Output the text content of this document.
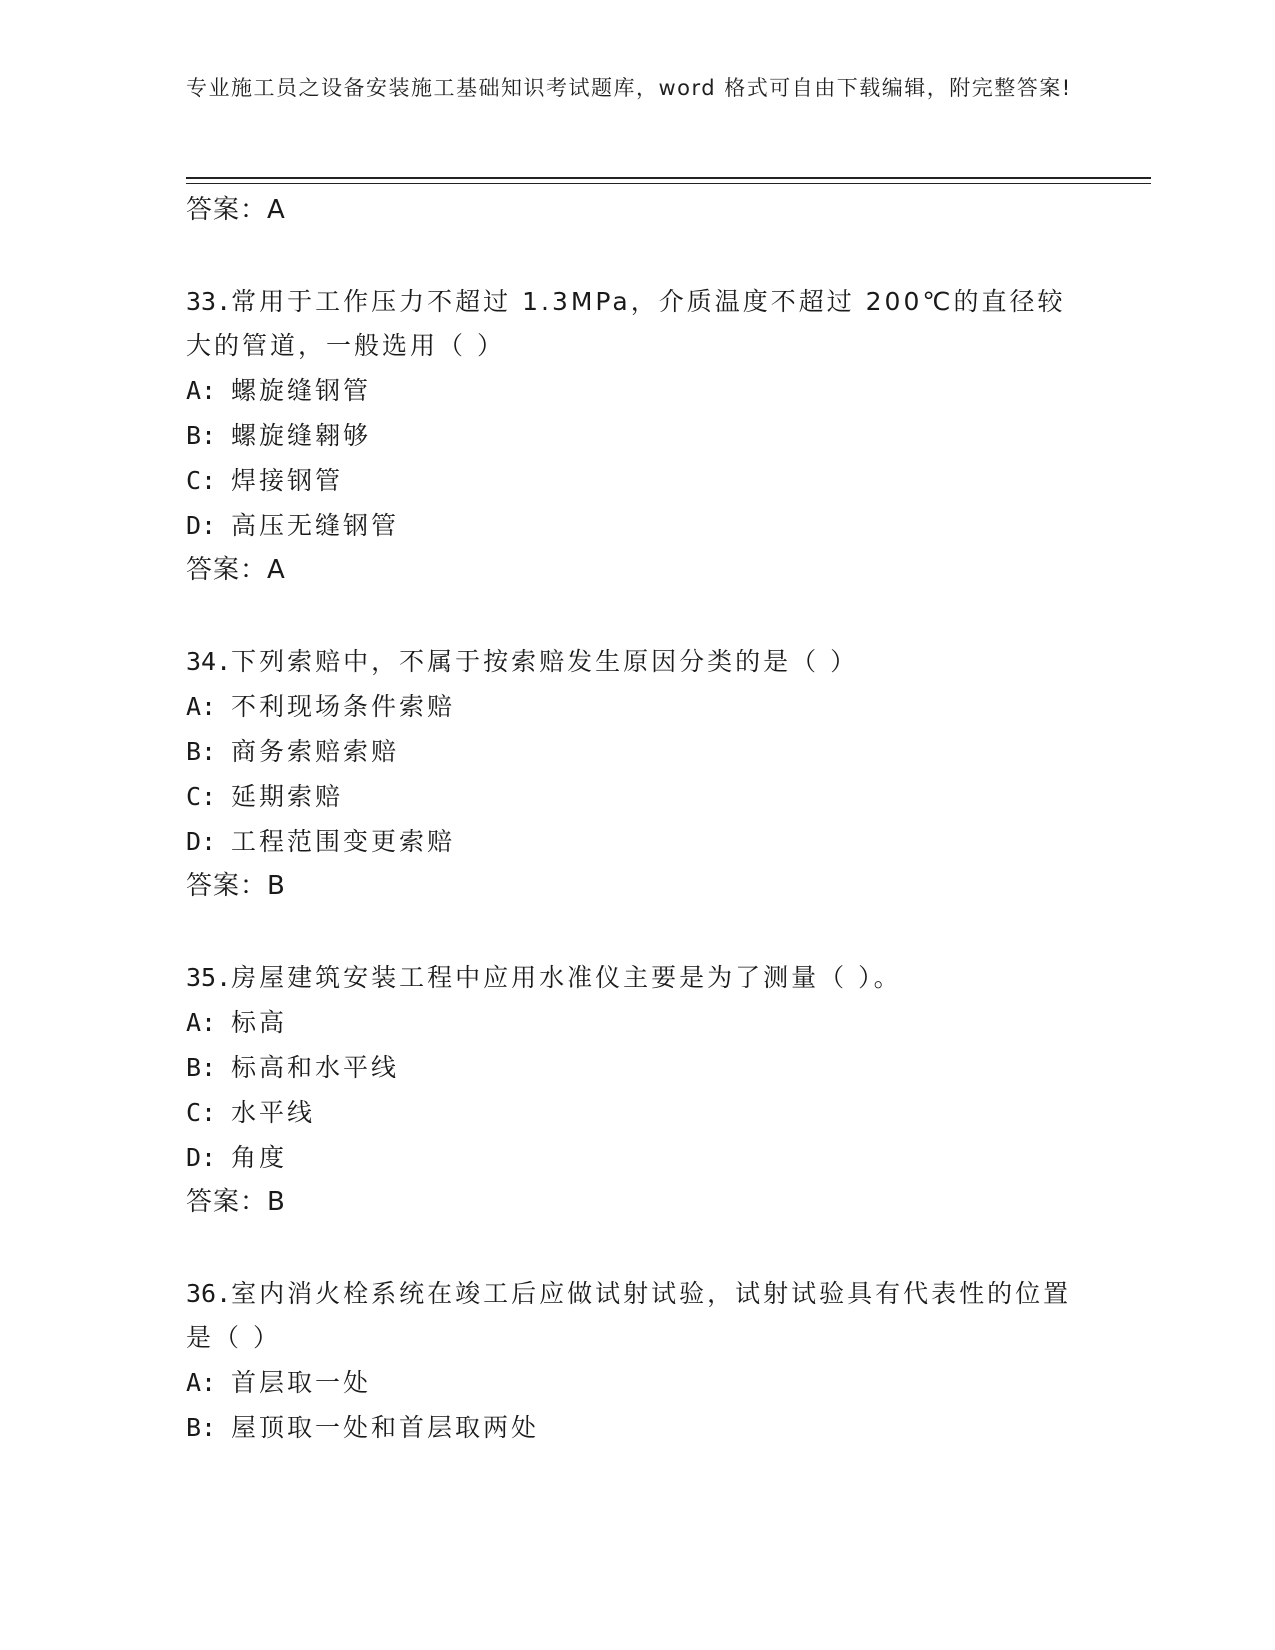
专业施工员之设备安装施工基础知识考试题库，word 格式可自由下载编辑，附完整答案!
答案：A
33.常用于工作压力不超过 1.3MPa，介质温度不超过 200℃的直径较大的管道，一般选用（ ）
A: 螺旋缝钢管
B: 螺旋缝翱够
C: 焊接钢管
D: 高压无缝钢管
答案：A
34.下列索赔中，不属于按索赔发生原因分类的是（ ）
A: 不利现场条件索赔
B: 商务索赔索赔
C: 延期索赔
D: 工程范围变更索赔
答案：B
35.房屋建筑安装工程中应用水准仪主要是为了测量（ ）。
A: 标高
B: 标高和水平线
C: 水平线
D: 角度
答案：B
36.室内消火栓系统在竣工后应做试射试验，试射试验具有代表性的位置是（ ）
A: 首层取一处
B: 屋顶取一处和首层取两处
